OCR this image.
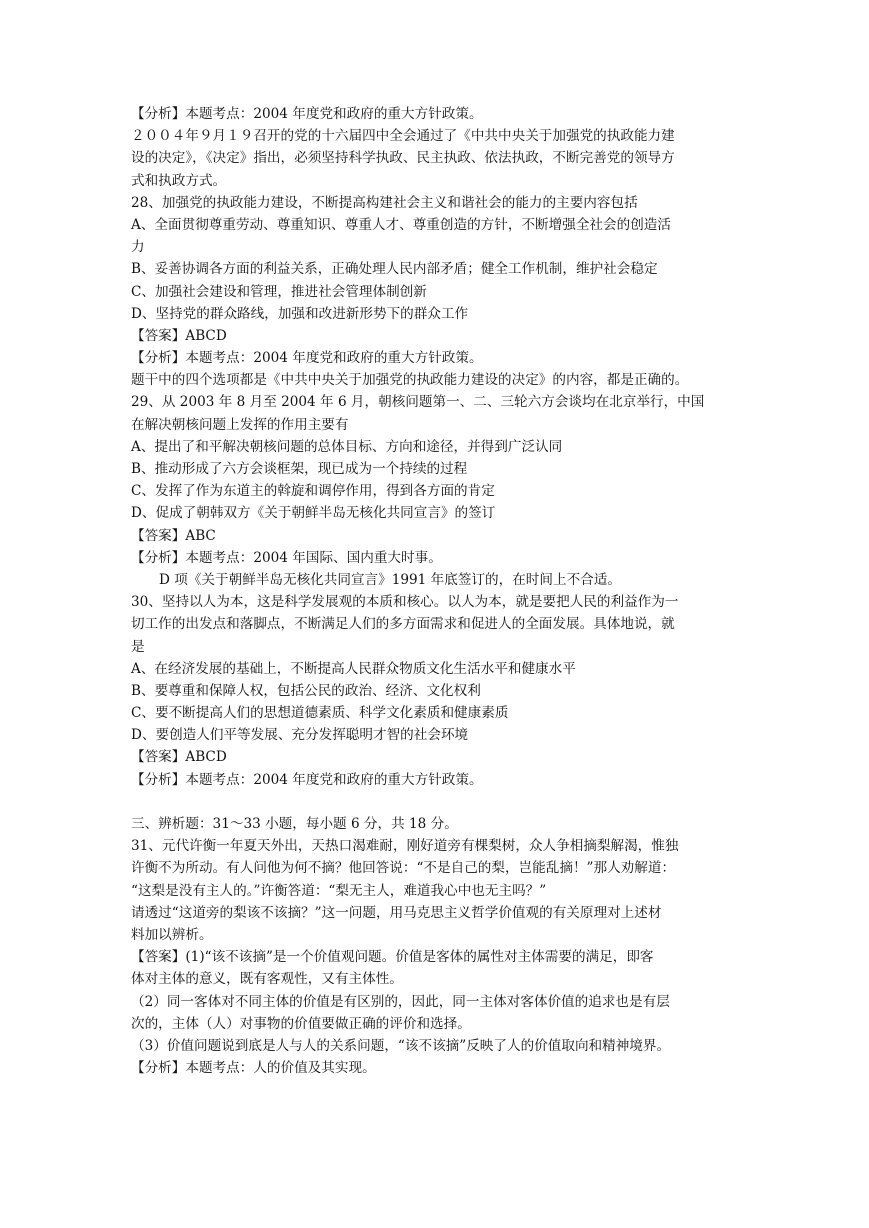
【分析】本题考点：2004 年度党和政府的重大方针政策。
２００４年９月１９召开的党的十六届四中全会通过了《中共中央关于加强党的执政能力建
设的决定》，《决定》指出，必须坚持科学执政、民主执政、依法执政，不断完善党的领导方
式和执政方式。
28、加强党的执政能力建设，不断提高构建社会主义和谐社会的能力的主要内容包括
A、全面贯彻尊重劳动、尊重知识、尊重人才、尊重创造的方针，不断增强全社会的创造活
力
B、妥善协调各方面的利益关系，正确处理人民内部矛盾；健全工作机制，维护社会稳定
C、加强社会建设和管理，推进社会管理体制创新
D、坚持党的群众路线，加强和改进新形势下的群众工作
【答案】ABCD
【分析】本题考点：2004 年度党和政府的重大方针政策。
题干中的四个选项都是《中共中央关于加强党的执政能力建设的决定》的内容，都是正确的。
29、从 2003 年 8 月至 2004 年 6 月，朝核问题第一、二、三轮六方会谈均在北京举行，中国
在解决朝核问题上发挥的作用主要有
A、提出了和平解决朝核问题的总体目标、方向和途径，并得到广泛认同
B、推动形成了六方会谈框架，现已成为一个持续的过程
C、发挥了作为东道主的斡旋和调停作用，得到各方面的肯定
D、促成了朝韩双方《关于朝鲜半岛无核化共同宣言》的签订
【答案】ABC
【分析】本题考点：2004 年国际、国内重大时事。
D 项《关于朝鲜半岛无核化共同宣言》1991 年底签订的，在时间上不合适。
30、坚持以人为本，这是科学发展观的本质和核心。以人为本，就是要把人民的利益作为一
切工作的出发点和落脚点，不断满足人们的多方面需求和促进人的全面发展。具体地说，就
是
A、在经济发展的基础上，不断提高人民群众物质文化生活水平和健康水平
B、要尊重和保障人权，包括公民的政治、经济、文化权利
C、要不断提高人们的思想道德素质、科学文化素质和健康素质
D、要创造人们平等发展、充分发挥聪明才智的社会环境
【答案】ABCD
【分析】本题考点：2004 年度党和政府的重大方针政策。
三、辨析题：31～33 小题，每小题 6 分，共 18 分。
31、元代许衡一年夏天外出，天热口渴难耐，刚好道旁有棵梨树，众人争相摘梨解渴，惟独
许衡不为所动。有人问他为何不摘？他回答说：“不是自己的梨，岂能乱摘！”那人劝解道：
“这梨是没有主人的。”许衡答道：“梨无主人，难道我心中也无主吗？”
请透过“这道旁的梨该不该摘？”这一问题，用马克思主义哲学价值观的有关原理对上述材
料加以辨析。
【答案】(1)“该不该摘”是一个价值观问题。价值是客体的属性对主体需要的满足，即客
体对主体的意义，既有客观性，又有主体性。
（2）同一客体对不同主体的价值是有区别的，因此，同一主体对客体价值的追求也是有层
次的，主体（人）对事物的价值要做正确的评价和选择。
（3）价值问题说到底是人与人的关系问题，“该不该摘”反映了人的价值取向和精神境界。
【分析】本题考点：人的价值及其实现。
